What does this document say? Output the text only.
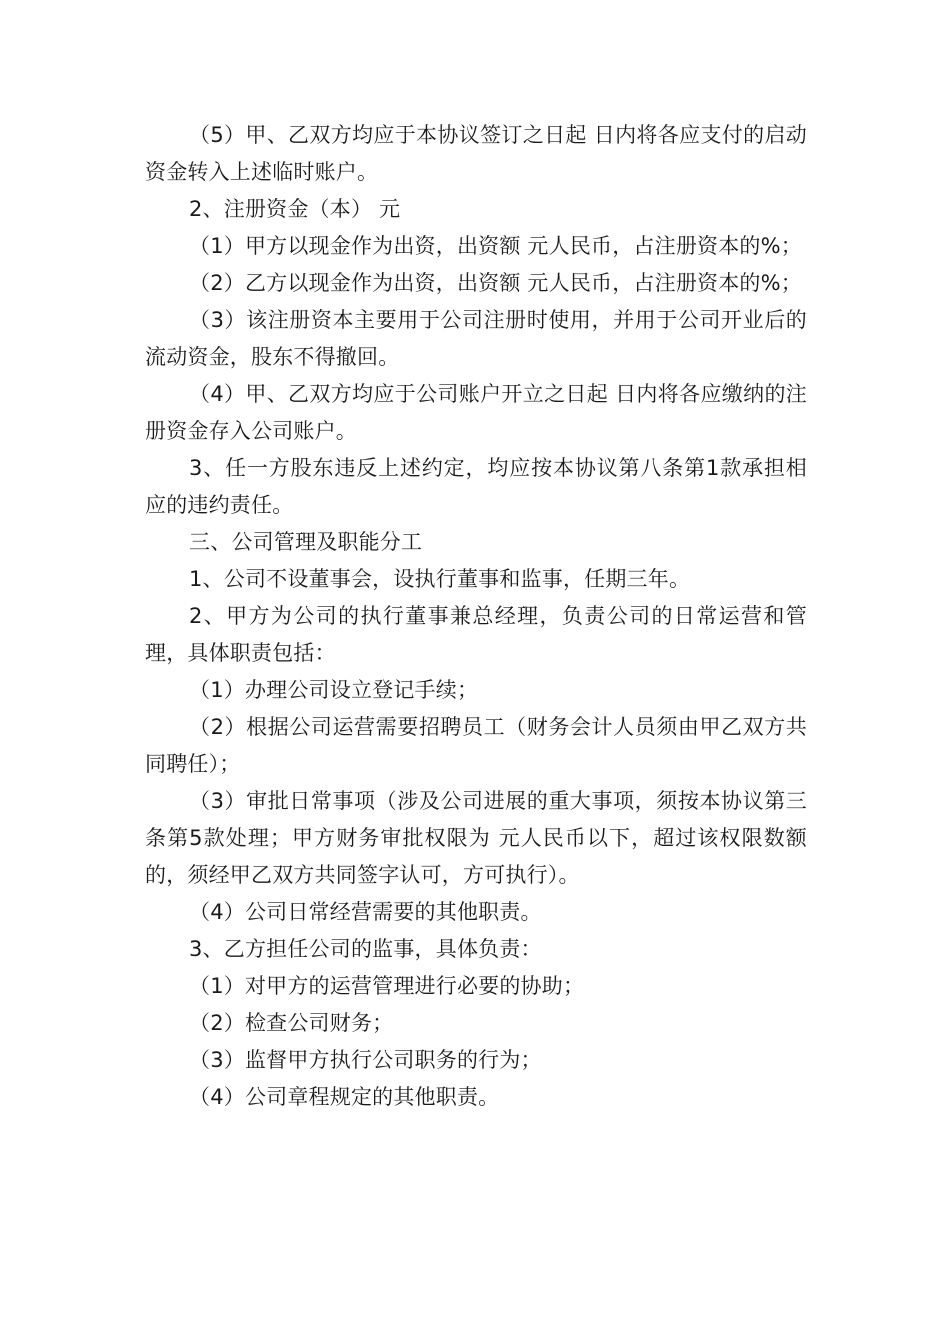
（5）甲、乙双方均应于本协议签订之日起 日内将各应支付的启动资金转入上述临时账户。

2、注册资金（本） 元

（1）甲方以现金作为出资，出资额 元人民币，占注册资本的%；

（2）乙方以现金作为出资，出资额 元人民币，占注册资本的%；

（3）该注册资本主要用于公司注册时使用，并用于公司开业后的流动资金，股东不得撤回。

（4）甲、乙双方均应于公司账户开立之日起 日内将各应缴纳的注册资金存入公司账户。

3、任一方股东违反上述约定，均应按本协议第八条第1款承担相应的违约责任。

三、公司管理及职能分工

1、公司不设董事会，设执行董事和监事，任期三年。

2、甲方为公司的执行董事兼总经理，负责公司的日常运营和管理，具体职责包括：

（1）办理公司设立登记手续；

（2）根据公司运营需要招聘员工（财务会计人员须由甲乙双方共同聘任）；

（3）审批日常事项（涉及公司进展的重大事项，须按本协议第三条第5款处理；甲方财务审批权限为 元人民币以下，超过该权限数额的，须经甲乙双方共同签字认可，方可执行）。

（4）公司日常经营需要的其他职责。

3、乙方担任公司的监事，具体负责：

（1）对甲方的运营管理进行必要的协助；

（2）检查公司财务；

（3）监督甲方执行公司职务的行为；

（4）公司章程规定的其他职责。
